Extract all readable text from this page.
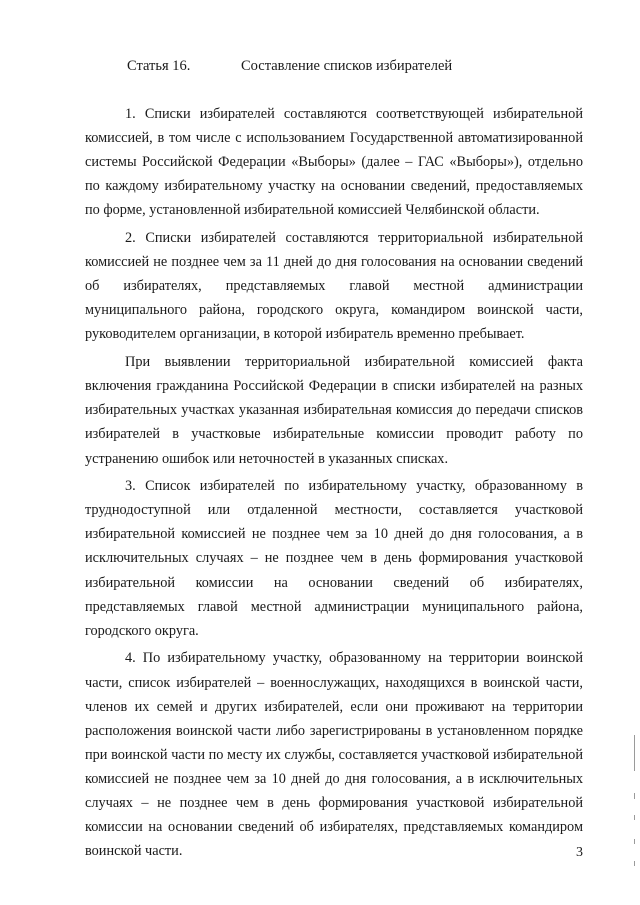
Статья 16.	Составление списков избирателей

1. Списки избирателей составляются соответствующей избирательной комиссией, в том числе с использованием Государственной автоматизированной системы Российской Федерации «Выборы» (далее – ГАС «Выборы»), отдельно по каждому избирательному участку на основании сведений, предоставляемых по форме, установленной избирательной комиссией Челябинской области.

2. Списки избирателей составляются территориальной избирательной комиссией не позднее чем за 11 дней до дня голосования на основании сведений об избирателях, представляемых главой местной администрации муниципального района, городского округа, командиром воинской части, руководителем организации, в которой избиратель временно пребывает.

При выявлении территориальной избирательной комиссией факта включения гражданина Российской Федерации в списки избирателей на разных избирательных участках указанная избирательная комиссия до передачи списков избирателей в участковые избирательные комиссии проводит работу по устранению ошибок или неточностей в указанных списках.

3. Список избирателей по избирательному участку, образованному в труднодоступной или отдаленной местности, составляется участковой избирательной комиссией не позднее чем за 10 дней до дня голосования, а в исключительных случаях – не позднее чем в день формирования участковой избирательной комиссии на основании сведений об избирателях, представляемых главой местной администрации муниципального района, городского округа.

4. По избирательному участку, образованному на территории воинской части, список избирателей – военнослужащих, находящихся в воинской части, членов их семей и других избирателей, если они проживают на территории расположения воинской части либо зарегистрированы в установленном порядке при воинской части по месту их службы, составляется участковой избирательной комиссией не позднее чем за 10 дней до дня голосования, а в исключительных случаях – не позднее чем в день формирования участковой избирательной комиссии на основании сведений об избирателях, представляемых командиром воинской части.	3
